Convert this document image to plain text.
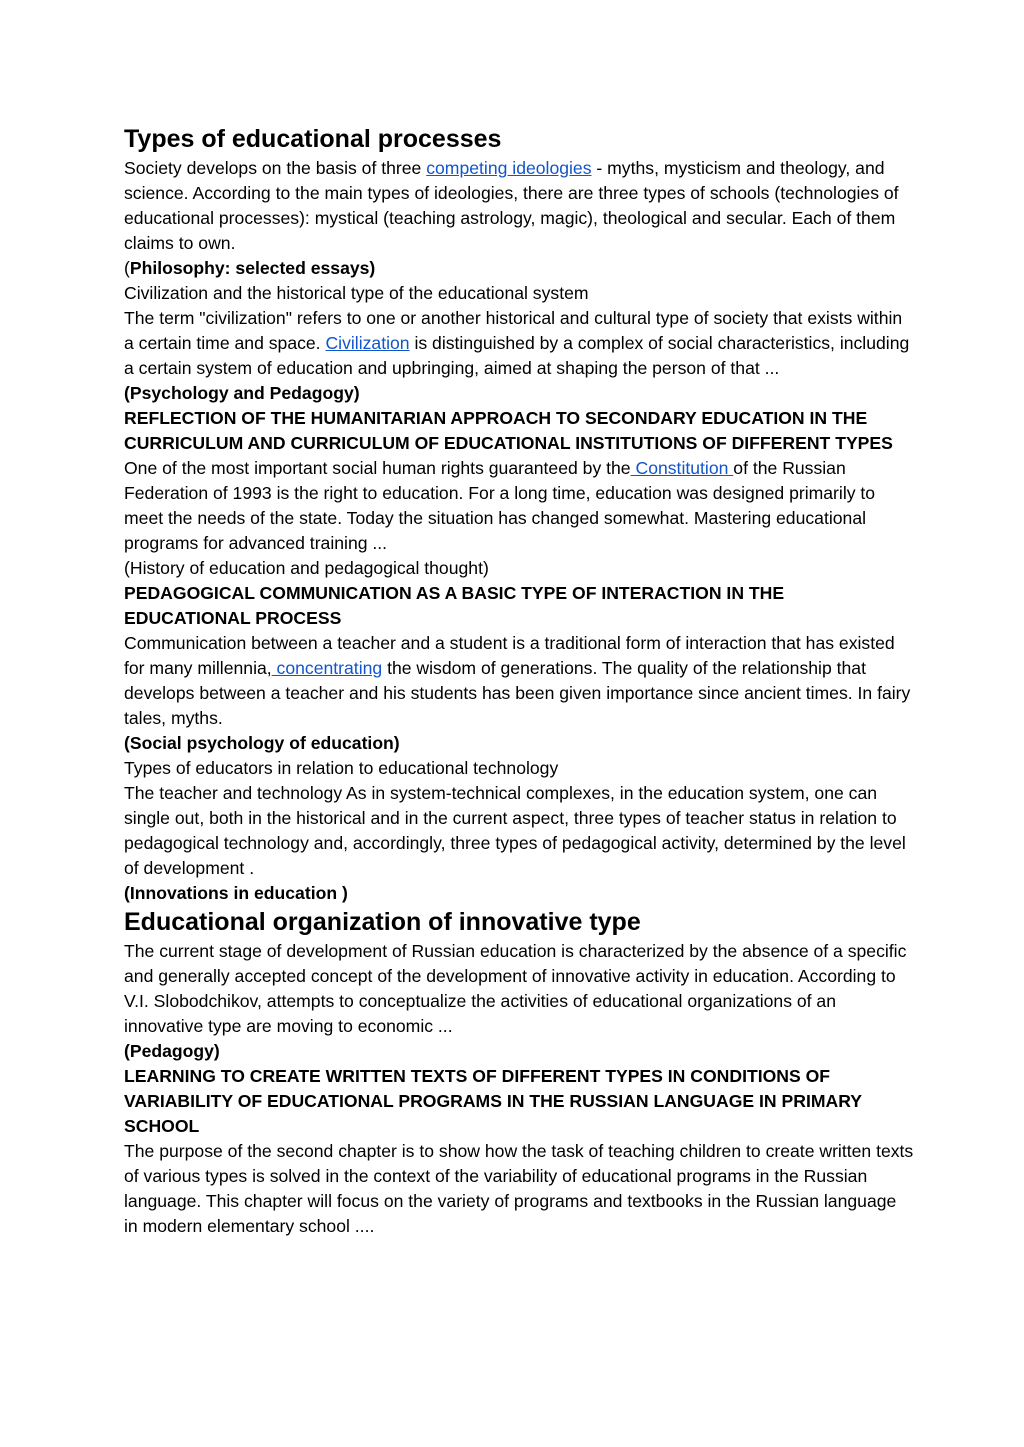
Types of educational processes

Society develops on the basis of three competing ideologies - myths, mysticism and theology, and science. According to the main types of ideologies, there are three types of schools (technologies of educational processes): mystical (teaching astrology, magic), theological and secular. Each of them claims to own.

(Philosophy: selected essays)

Civilization and the historical type of the educational system

The term "civilization" refers to one or another historical and cultural type of society that exists within a certain time and space. Civilization is distinguished by a complex of social characteristics, including a certain system of education and upbringing, aimed at shaping the person of that ...

(Psychology and Pedagogy)

REFLECTION OF THE HUMANITARIAN APPROACH TO SECONDARY EDUCATION IN THE CURRICULUM AND CURRICULUM OF EDUCATIONAL INSTITUTIONS OF DIFFERENT TYPES

One of the most important social human rights guaranteed by the Constitution of the Russian Federation of 1993 is the right to education. For a long time, education was designed primarily to meet the needs of the state. Today the situation has changed somewhat. Mastering educational programs for advanced training ...

(History of education and pedagogical thought)

PEDAGOGICAL COMMUNICATION AS A BASIC TYPE OF INTERACTION IN THE EDUCATIONAL PROCESS

Communication between a teacher and a student is a traditional form of interaction that has existed for many millennia, concentrating the wisdom of generations. The quality of the relationship that develops between a teacher and his students has been given importance since ancient times. In fairy tales, myths.

(Social psychology of education)

Types of educators in relation to educational technology

The teacher and technology As in system-technical complexes, in the education system, one can single out, both in the historical and in the current aspect, three types of teacher status in relation to pedagogical technology and, accordingly, three types of pedagogical activity, determined by the level of development .

(Innovations in education )

Educational organization of innovative type

The current stage of development of Russian education is characterized by the absence of a specific and generally accepted concept of the development of innovative activity in education. According to V.I. Slobodchikov, attempts to conceptualize the activities of educational organizations of an innovative type are moving to economic ...

(Pedagogy)

LEARNING TO CREATE WRITTEN TEXTS OF DIFFERENT TYPES IN CONDITIONS OF VARIABILITY OF EDUCATIONAL PROGRAMS IN THE RUSSIAN LANGUAGE IN PRIMARY SCHOOL

The purpose of the second chapter is to show how the task of teaching children to create written texts of various types is solved in the context of the variability of educational programs in the Russian language. This chapter will focus on the variety of programs and textbooks in the Russian language in modern elementary school ....
